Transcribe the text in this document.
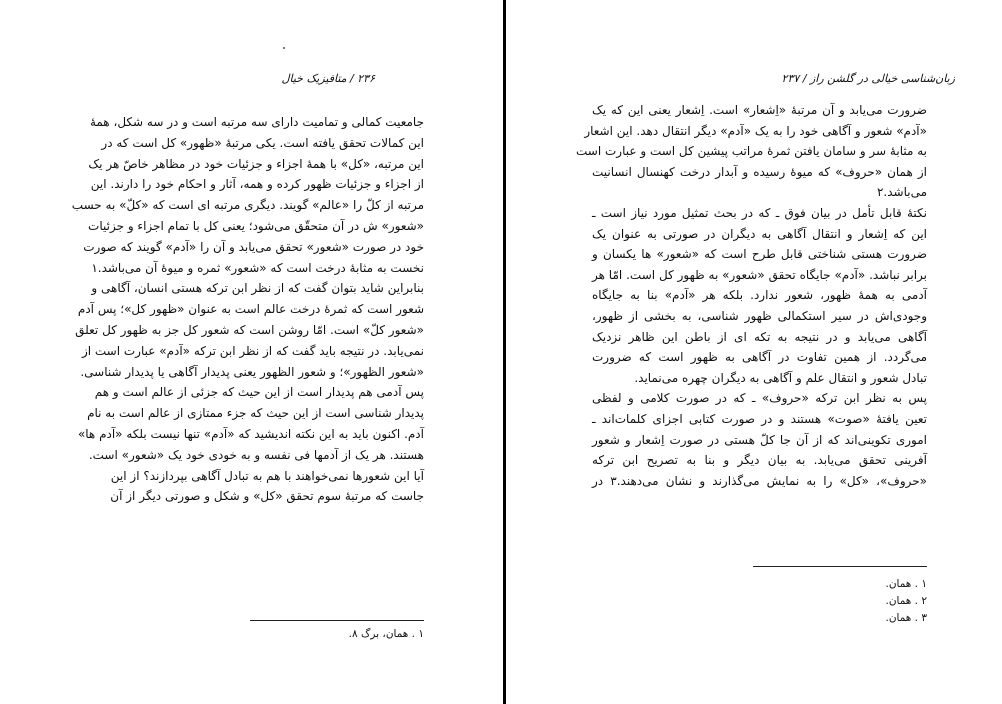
۲۳۶ / متافیزیک خیال
جامعیت کمالی و تمامیت دارای سه مرتبه است و در سه شکل، همهٔ
این کمالات تحقق یافته است. یکی مرتبهٔ «ظهور» کل است که در
این مرتبه، «کل» با همهٔ اجزاء و جزئیات خود در مظاهر خاصّ هر یک
از اجزاء و جزئیات ظهور کرده و همه، آثار و احکام خود را دارند. این
مرتبه از کلّ را «عالم» گویند. دیگری مرتبه ای است که «کلّ» به حسب
«شعور» ش در آن متحقّق می‌شود؛ یعنی کل با تمام اجزاء و جزئیات
خود در صورت «شعور» تحقق می‌یابد و آن را «آدم» گویند که صورت
نخست به مثابهٔ درخت است که «شعور» ثمره و میوهٔ آن می‌باشد.۱
بنابراین شاید بتوان گفت که از نظر ابن ترکه هستی انسان، آگاهی و
شعور است که ثمرهٔ درخت عالم است به عنوان «ظهور کل»؛ پس آدم
«شعور کلّ» است. امّا روشن است که شعور کل جز به ظهور کل تعلق
نمی‌یابد. در نتیجه باید گفت که از نظر ابن ترکه «آدم» عبارت است از
«شعور الظهور»؛ و شعور الظهور یعنی پدیدار آگاهی یا پدیدار شناسی.
پس آدمی هم پدیدار است از این حیث که جزئی از عالم است و هم
پدیدار شناسی است از این حیث که جزء ممتازی از عالم است به نام
آدم. اکنون باید به این نکته اندیشید که «آدم» تنها نیست بلکه «آدم ها»
هستند. هر یک از آدمها فی نفسه و به خودی خود یک «شعور» است.
آیا این شعورها نمی‌خواهند با هم به تبادل آگاهی بپردازند؟ از این
جاست که مرتبهٔ سوم تحقق «کل» و شکل و صورتی دیگر از آن
۱ . همان، برگ ۸.
زبان‌شناسی خیالی در گلشن راز / ۲۳۷
ضرورت می‌یابد و آن مرتبهٔ «اِشعار» است. اِشعار یعنی این که یک
«آدم» شعور و آگاهی خود را به یک «آدم» دیگر انتقال دهد. این اشعار
به مثابهٔ سر و سامان یافتن ثمرهٔ مراتب پیشین کل است و عبارت است
از همان «حروف» که میوهٔ رسیده و آبدار درخت کهنسال انسانیت
می‌باشد.۲
نکتهٔ قابل تأمل در بیان فوق ـ که در بحث تمثیل مورد نیاز است ـ
این که اِشعار و انتقال آگاهی به دیگران در صورتی به عنوان یک
ضرورت هستی شناختی قابل طرح است که «شعور» ها یکسان و
برابر نباشد. «آدم» جایگاه تحقق «شعور» به ظهور کل است. امّا هر
آدمی به همهٔ ظهور، شعور ندارد. بلکه هر «آدم» بنا به جایگاه
وجودی‌اش در سیر استکمالی ظهور شناسی، به بخشی از ظهور،
آگاهی می‌یابد و در نتیجه به تکه ای از باطن این ظاهر نزدیک
می‌گردد. از همین تفاوت در آگاهی به ظهور است که ضرورت
تبادل شعور و انتقال علم و آگاهی به دیگران چهره می‌نماید.
پس به نظر ابن ترکه «حروف» ـ که در صورت کلامی و لفظی
تعین یافتهٔ «صوت» هستند و در صورت کتابی اجزای کلمات‌اند ـ
اموری تکوینی‌اند که از آن جا کلّ هستی در صورت اِشعار و شعور
آفرینی تحقق می‌یابد. به بیان دیگر و بنا به تصریح ابن ترکه
«حروف»، «کل» را به نمایش می‌گذارند و نشان می‌دهند.۳ در
۱ . همان.
۲ . همان.
۳ . همان.
